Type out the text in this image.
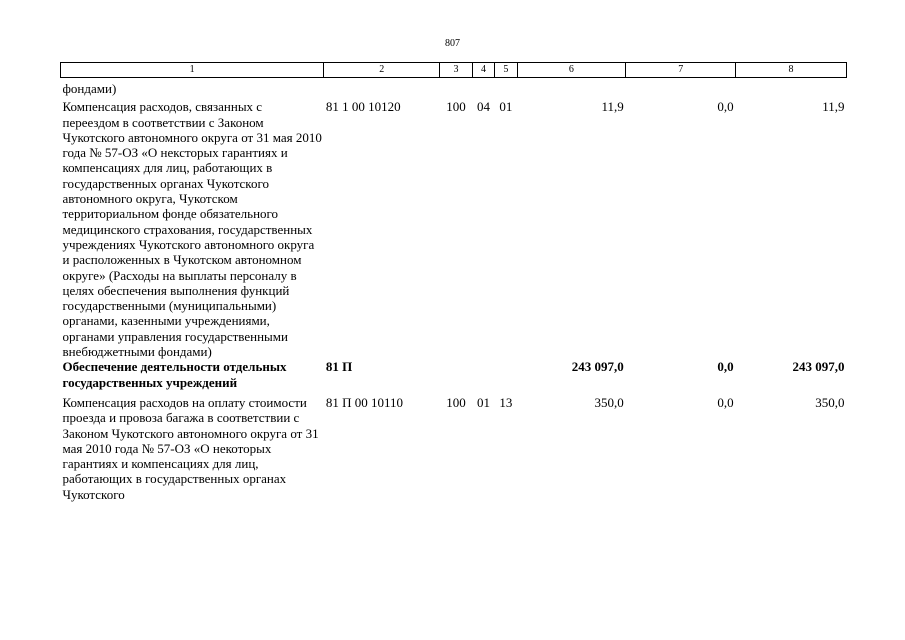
807
1	2	3	4	5	6	7	8
фондами)							
Компенсация расходов, связанных с переездом в соответствии с Законом Чукотского автономного округа от 31 мая 2010 года № 57-ОЗ «О нексторых гарантиях и компенсациях для лиц, работающих в государственных органах Чукотского автономного округа, Чукотском территориальном фонде обязательного медицинского страхования, государственных учреждениях Чукотского автономного округа и расположенных в Чукотском автономном округе» (Расходы на выплаты персоналу в целях обеспечения выполнения функций государственными (муниципальными) органами, казенными учреждениями, органами управления государственными внебюджетными фондами)	81 1 00 10120	100	04	01	11,9	0,0	11,9
Обеспечение деятельности отдельных государственных учреждений	81 П				243 097,0	0,0	243 097,0
Компенсация расходов на оплату стоимости проезда и провоза багажа в соответствии с Законом Чукотского автономного округа от 31 мая 2010 года № 57-ОЗ «О некоторых гарантиях и компенсациях для лиц, работающих в государственных органах Чукотского	81 П 00 10110	100	01	13	350,0	0,0	350,0
